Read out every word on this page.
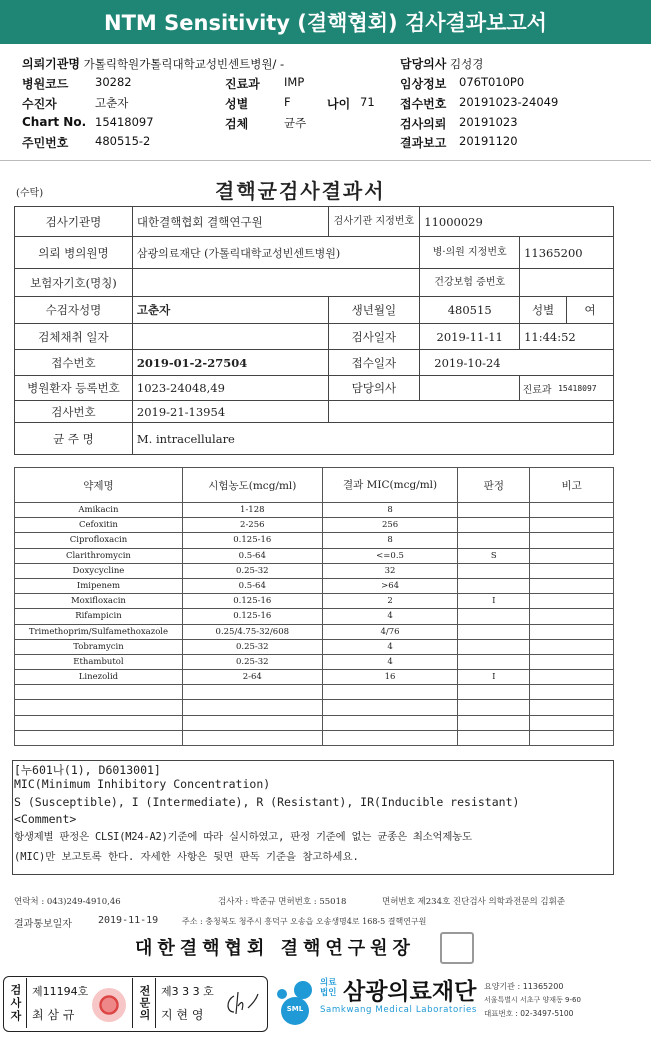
NTM Sensitivity (결핵협회) 검사결과보고서
의뢰기관명 가톨릭학원가톨릭대학교성빈센트병원/ -	담당의사 김성경
병원코드 30282	진료과 IMP	임상정보 076T010P0
수진자	고춘자	성별	F	나이 71 접수번호 20191023-24049
Chart No. 15418097	검체	균주	검사의뢰 20191023
주민번호 480515-2	결과보고 20191120
(수탁)	결핵균검사결과서
검사기관명	대한결핵협회 결핵연구원	검사기관 지정번호	11000029	
의뢰 병의원명	삼광의료재단 (가톨릭대학교성빈센트병원)		병·의원 지정번호	11365200
보험자기호(명칭)			건강보험 증번호	
수검자성명	고춘자	생년월일	480515	성별 여

검체채취 일자		검사일자	2019-11-11	11:44:52
접수번호	2019-01-2-27504	접수일자	2019-10-24	
병원환자 등록번호	1023-24048,49	담당의사		진료과 15418097

검사번호	2019-21-13954			
균 주 명	M. intracellulare			
약제명	시험농도(mcg/ml)	결과 MIC(mcg/ml)	판정	비고
Amikacin	1-128	8		
Cefoxitin	2-256	256		
Ciprofloxacin	0.125-16	8		
Clarithromycin	0.5-64	<=0.5	S	
Doxycycline	0.25-32	32		
Imipenem	0.5-64	>64		
Moxifloxacin	0.125-16	2	I	
Rifampicin	0.125-16	4		
Trimethoprim/Sulfamethoxazole	0.25/4.75-32/608	4/76		
Tobramycin	0.25-32	4		
Ethambutol	0.25-32	4		
Linezolid	2-64	16	I	

[누601나(1), D6013001]
MIC(Minimum Inhibitory Concentration)
S (Susceptible), I (Intermediate), R (Resistant), IR(Inducible resistant)
<Comment>
항생제별 판정은 CLSI(M24-A2)기준에 따라 실시하였고, 판정 기준에 없는 균종은 최소억제농도
(MIC)만 보고토록 한다. 자세한 사항은 뒷면 판독 기준을 참고하세요.
연락처 : 043)249-4910,46	검사자 : 박준규 면허번호 : 55018	면허번호 제234호 진단검사 의학과전문의 김휘준
결과통보일자	2019-11-19	주소 : 충청북도 청주시 흥덕구 오송읍 오송생명4로 168-5 결핵연구원
대한결핵협회 결핵연구원장
검사자 제11194호
최 삼 규	전문의 제3 3 3 호
지 현 영	SML
의료법인 삼광의료재단
Samkwang Medical Laboratories
요양기관 : 11365200
서울특별시 서초구 양재동 9-60
대표번호 : 02-3497-5100
